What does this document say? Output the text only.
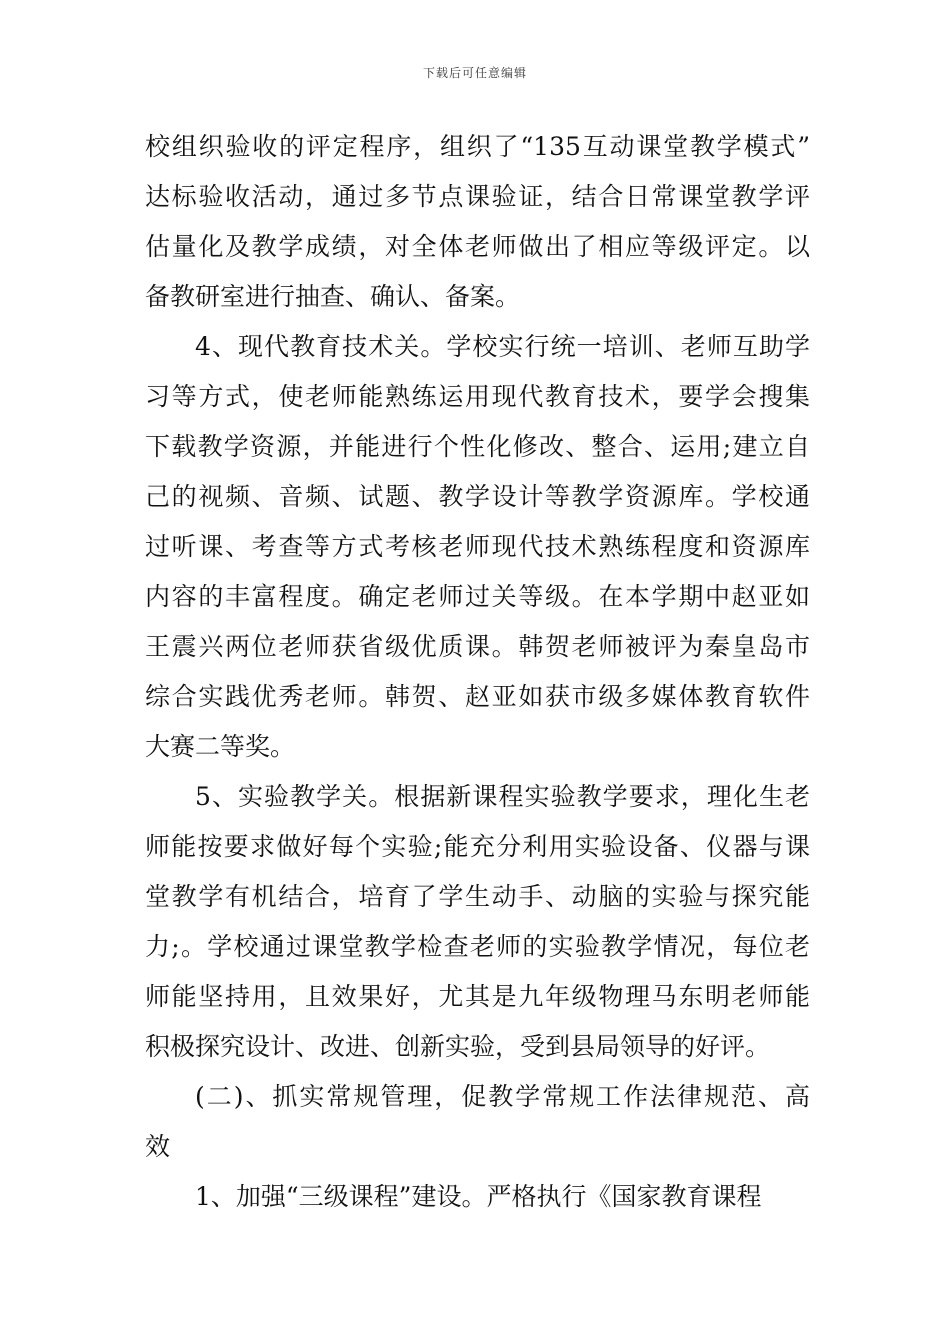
下载后可任意编辑
校组织验收的评定程序，组织了“135互动课堂教学模式”
达标验收活动，通过多节点课验证，结合日常课堂教学评
估量化及教学成绩，对全体老师做出了相应等级评定。以
备教研室进行抽查、确认、备案。
4、现代教育技术关。学校实行统一培训、老师互助学
习等方式，使老师能熟练运用现代教育技术，要学会搜集
下载教学资源，并能进行个性化修改、整合、运用;建立自
己的视频、音频、试题、教学设计等教学资源库。学校通
过听课、考查等方式考核老师现代技术熟练程度和资源库
内容的丰富程度。确定老师过关等级。在本学期中赵亚如
王震兴两位老师获省级优质课。韩贺老师被评为秦皇岛市
综合实践优秀老师。韩贺、赵亚如获市级多媒体教育软件
大赛二等奖。
5、实验教学关。根据新课程实验教学要求，理化生老
师能按要求做好每个实验;能充分利用实验设备、仪器与课
堂教学有机结合，培育了学生动手、动脑的实验与探究能
力;。学校通过课堂教学检查老师的实验教学情况，每位老
师能坚持用，且效果好，尤其是九年级物理马东明老师能
积极探究设计、改进、创新实验，受到县局领导的好评。
(二)、抓实常规管理，促教学常规工作法律规范、高
效
1、加强“三级课程”建设。严格执行《国家教育课程
